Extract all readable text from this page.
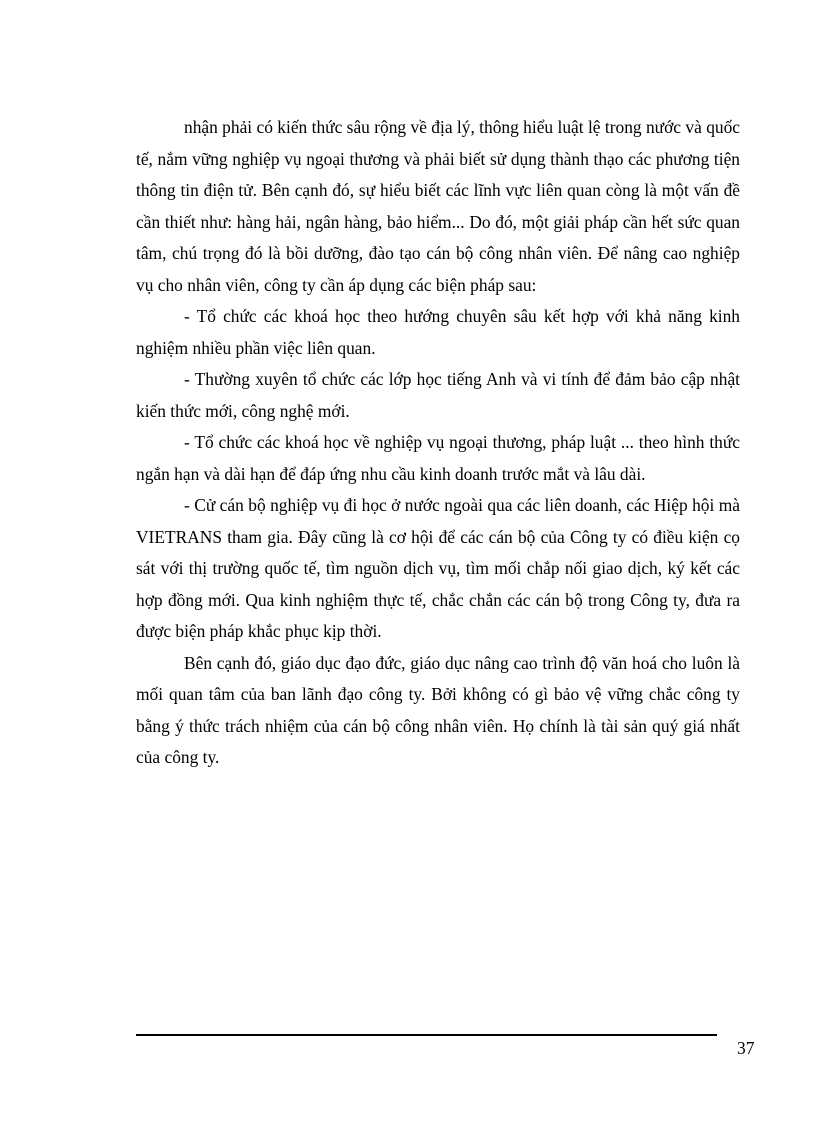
nhận phải có kiến thức sâu rộng về địa lý, thông hiểu luật lệ trong nước và quốc tế, nắm vững nghiệp vụ ngoại thương và phải biết sử dụng thành thạo các phương tiện thông tin điện tử. Bên cạnh đó, sự hiểu biết các lĩnh vực liên quan còng là một vấn đề cần thiết như: hàng hải, ngân hàng, bảo hiểm... Do đó, một giải pháp cần hết sức quan tâm, chú trọng đó là bồi dưỡng, đào tạo cán bộ công nhân viên. Để nâng cao nghiệp vụ cho nhân viên, công ty cần áp dụng các biện pháp sau:

- Tổ chức các khoá học theo hướng chuyên sâu kết hợp với khả năng kinh nghiệm nhiều phần việc liên quan.

- Thường xuyên tổ chức các lớp học tiếng Anh và vi tính để đảm bảo cập nhật kiến thức mới, công nghệ mới.

- Tổ chức các khoá học về nghiệp vụ ngoại thương, pháp luật ... theo hình thức ngắn hạn và dài hạn để đáp ứng nhu cầu kinh doanh trước mắt và lâu dài.

- Cử cán bộ nghiệp vụ đi học ở nước ngoài qua các liên doanh, các Hiệp hội mà VIETRANS tham gia. Đây cũng là cơ hội để các cán bộ của Công ty có điều kiện cọ sát với thị trường quốc tế, tìm nguồn dịch vụ, tìm mối chắp nối giao dịch, ký kết các hợp đồng mới. Qua kinh nghiệm thực tế, chắc chắn các cán bộ trong Công ty, đưa ra được biện pháp khắc phục kịp thời.

Bên cạnh đó, giáo dục đạo đức, giáo dục nâng cao trình độ văn hoá cho luôn là mối quan tâm của ban lãnh đạo công ty. Bởi không có gì bảo vệ vững chắc công ty bằng ý thức trách nhiệm của cán bộ công nhân viên. Họ chính là tài sản quý giá nhất của công ty.

37
